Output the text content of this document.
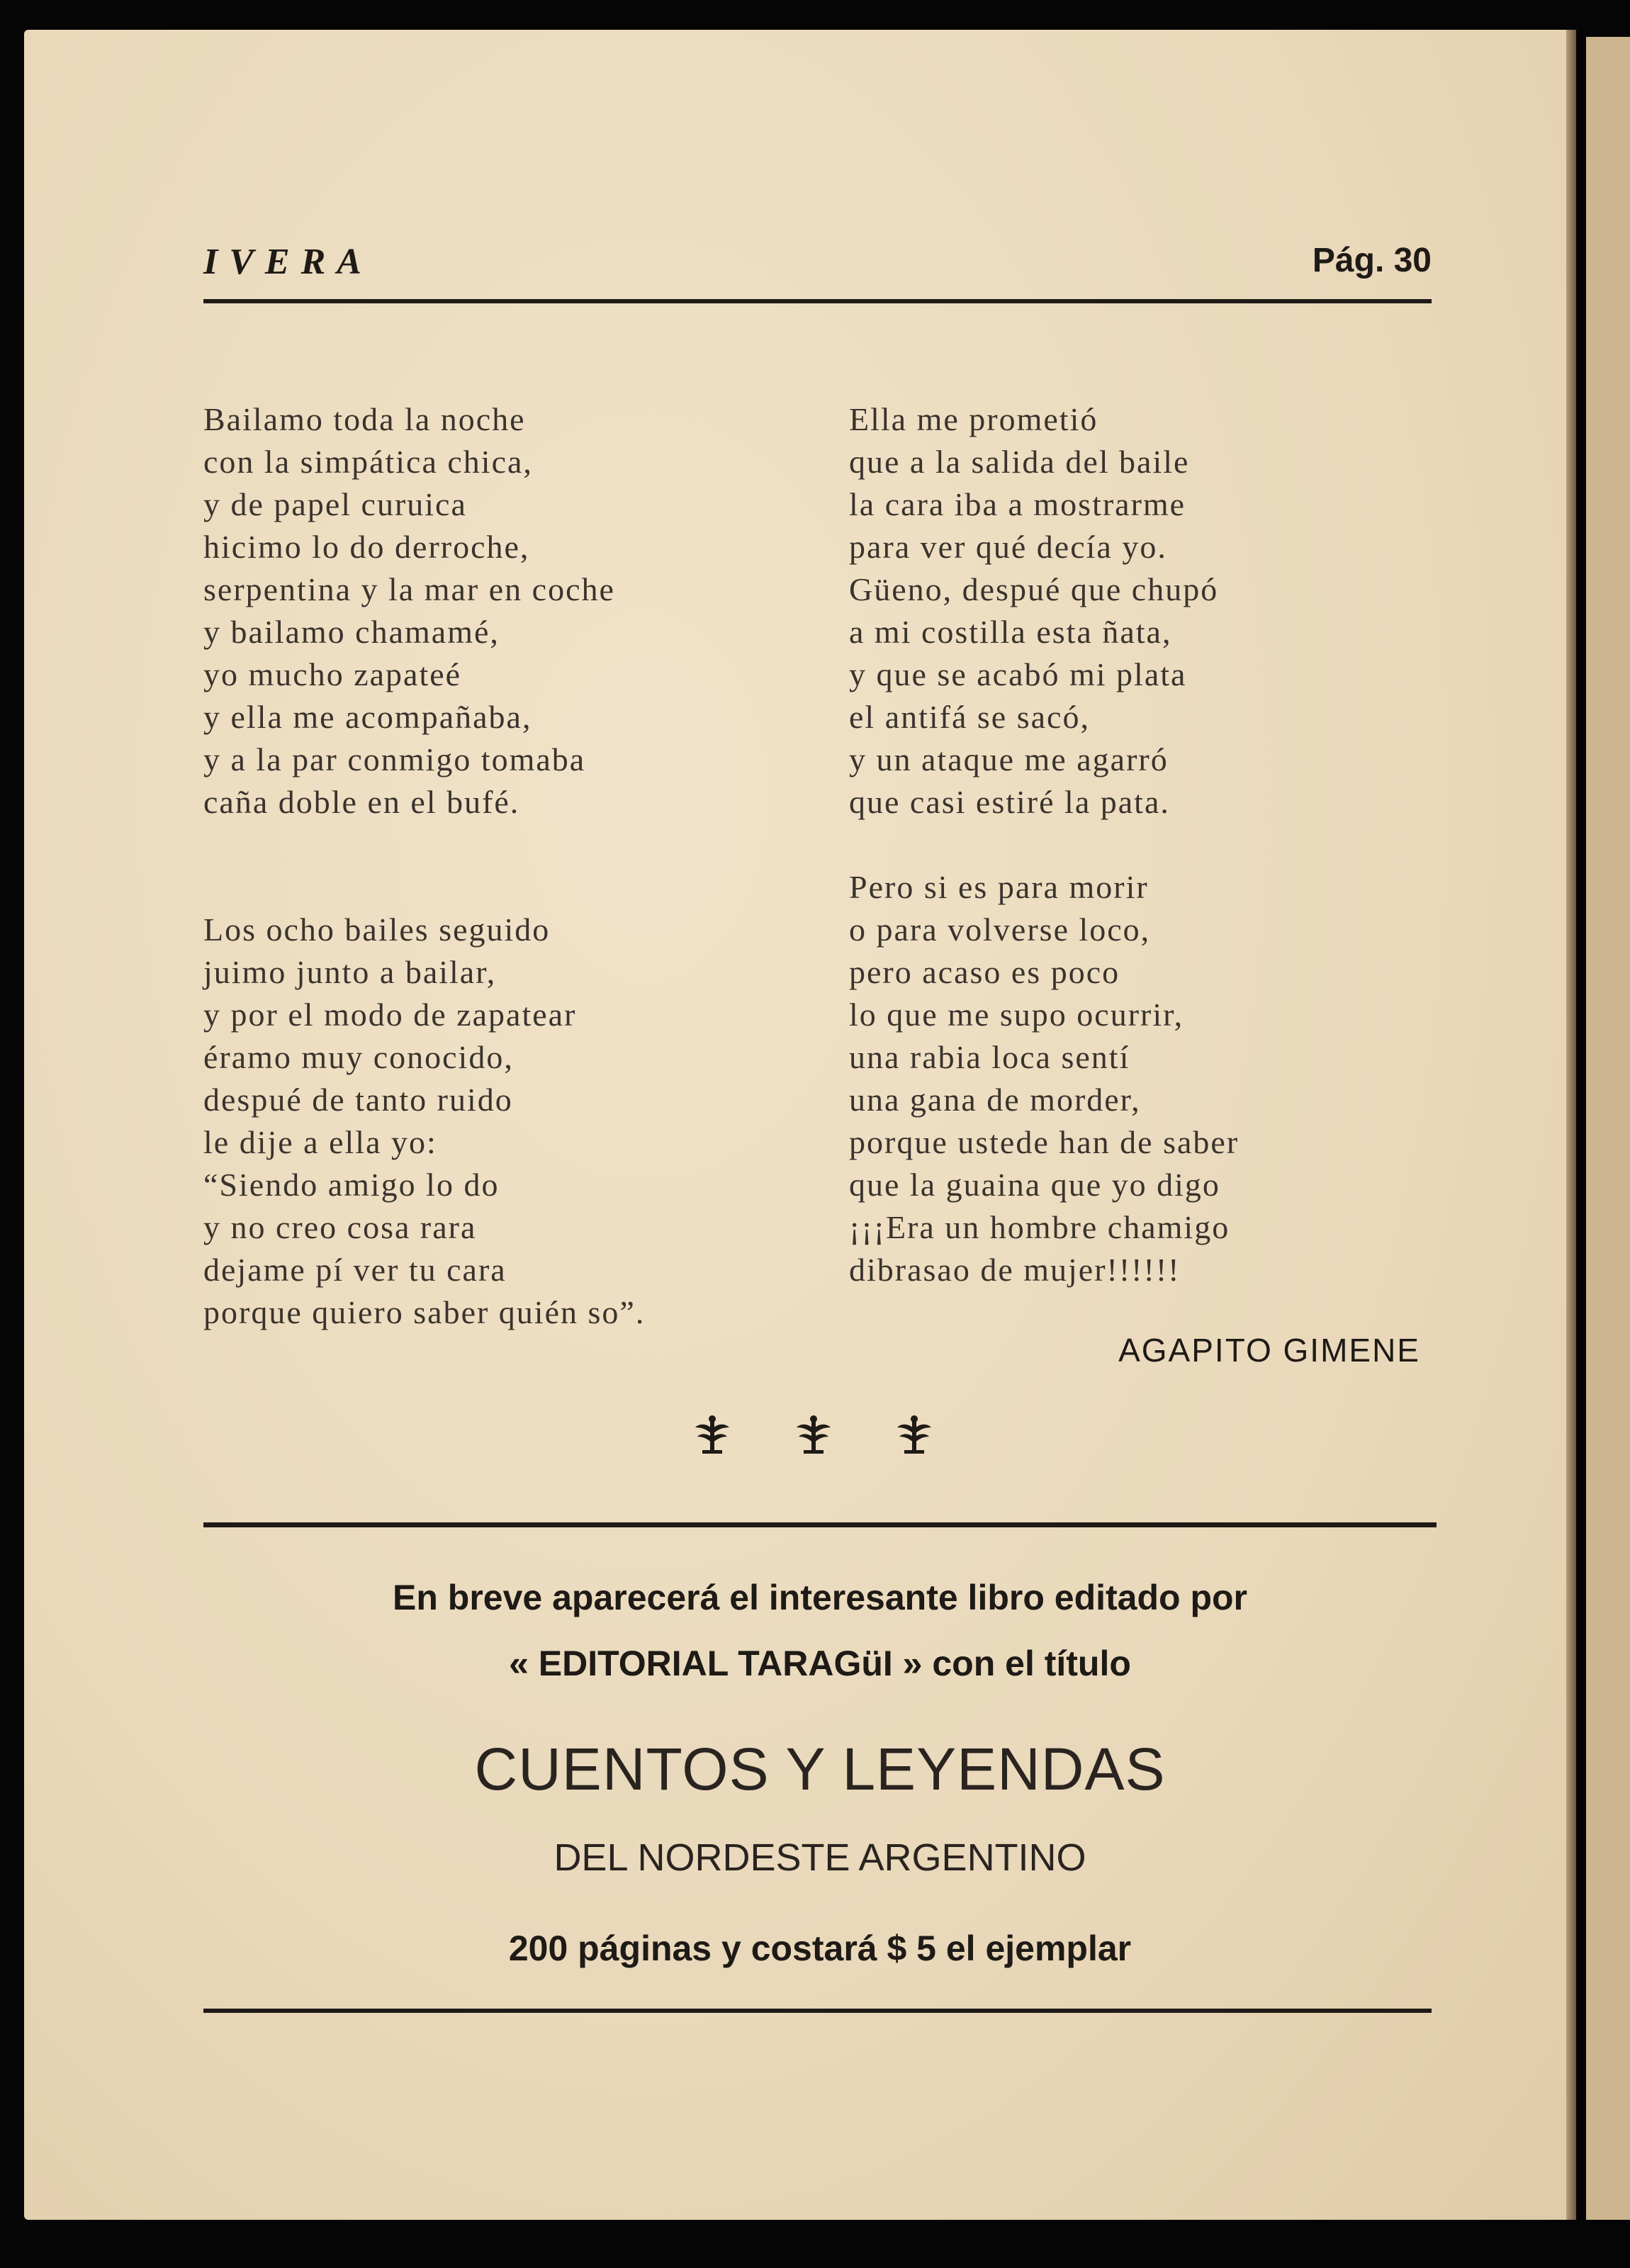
IVERA	Pág. 30
Bailamo toda la noche
con la simpática chica,
y de papel curuica
hicimo lo do derroche,
serpentina y la mar en coche
y bailamo chamamé,
yo mucho zapateé
y ella me acompañaba,
y a la par conmigo tomaba
caña doble en el bufé.
Los ocho bailes seguido
juimo junto a bailar,
y por el modo de zapatear
éramo muy conocido,
despué de tanto ruido
le dije a ella yo:
“Siendo amigo lo do
y no creo cosa rara
dejame pí ver tu cara
porque quiero saber quién so”.
Ella me prometió
que a la salida del baile
la cara iba a mostrarme
para ver qué decía yo.
Güeno, despué que chupó
a mi costilla esta ñata,
y que se acabó mi plata
el antifá se sacó,
y un ataque me agarró
que casi estiré la pata.
Pero si es para morir
o para volverse loco,
pero acaso es poco
lo que me supo ocurrir,
una rabia loca sentí
una gana de morder,
porque ustede han de saber
que la guaina que yo digo
¡¡¡Era un hombre chamigo
dibrasao de mujer!!!!!!
AGAPITO GIMENE
En breve aparecerá el interesante libro editado por
« EDITORIAL TARAGüI » con el título
CUENTOS Y LEYENDAS
DEL NORDESTE ARGENTINO
200 páginas y costará $ 5 el ejemplar
